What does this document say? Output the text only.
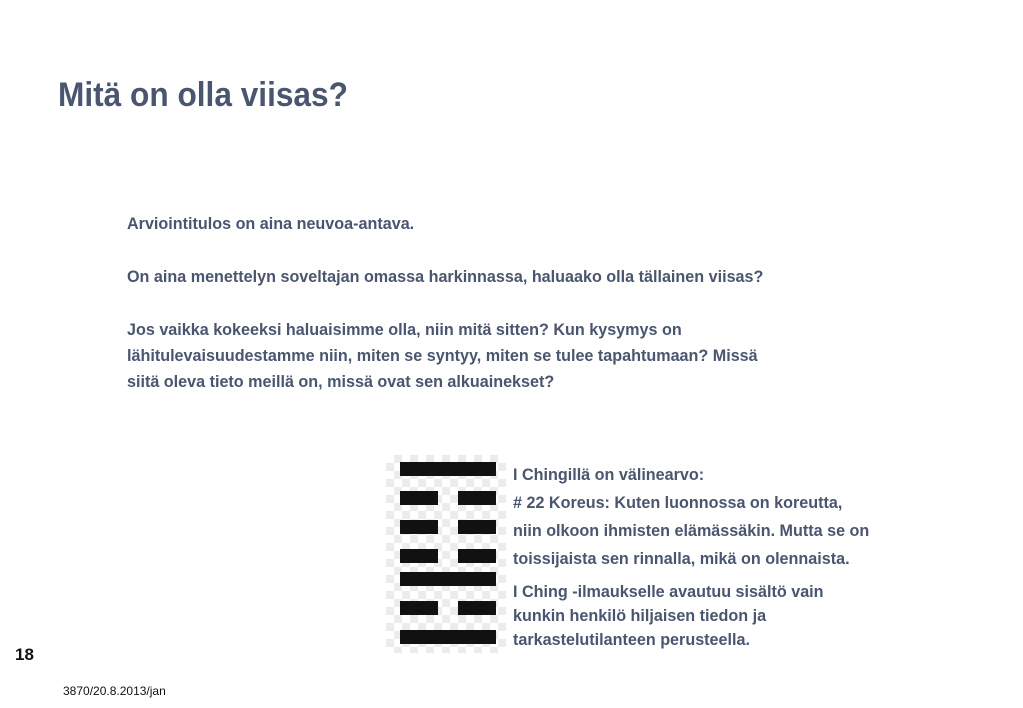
Mitä on olla viisas?

Arviointitulos on aina neuvoa-antava.

On aina menettelyn soveltajan omassa harkinnassa, haluaako olla tällainen viisas?

Jos vaikka kokeeksi haluaisimme olla, niin mitä sitten? Kun kysymys on
lähitulevaisuudestamme niin, miten se syntyy, miten se tulee tapahtumaan? Missä
siitä oleva tieto meillä on, missä ovat sen alkuainekset?

I Chingillä on välinearvo:
# 22 Koreus: Kuten luonnossa on koreutta,
niin olkoon ihmisten elämässäkin. Mutta se on
toissijaista sen rinnalla, mikä on olennaista.

I Ching -ilmaukselle avautuu sisältö vain
kunkin henkilö hiljaisen tiedon ja
tarkastelutilanteen perusteella.

18
3870/20.8.2013/jan
